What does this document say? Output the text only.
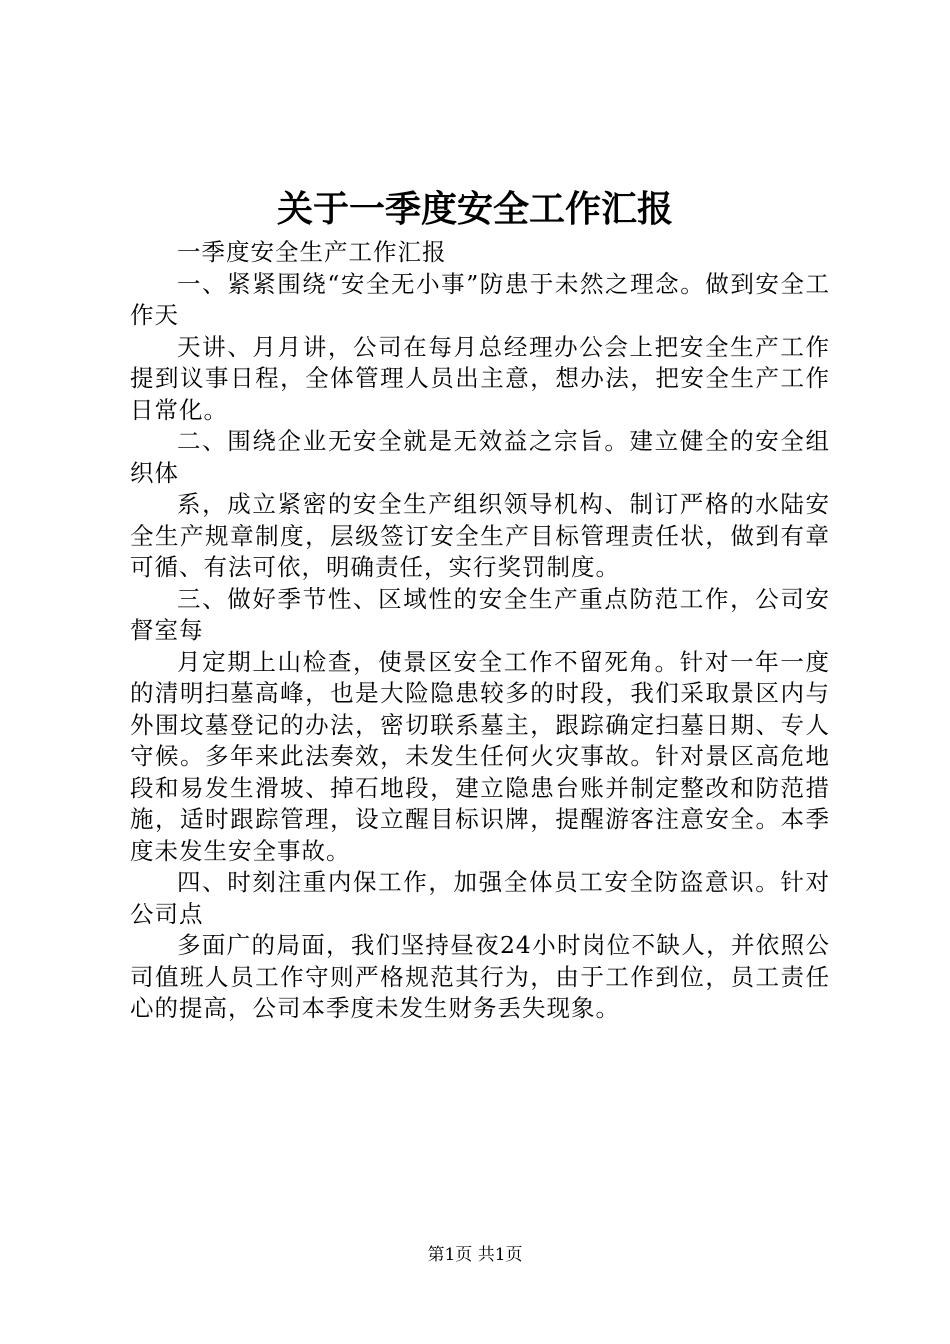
关于一季度安全工作汇报

一季度安全生产工作汇报

一、紧紧围绕“安全无小事”防患于未然之理念。做到安全工作天

天讲、月月讲，公司在每月总经理办公会上把安全生产工作提到议事日程，全体管理人员出主意，想办法，把安全生产工作日常化。

二、围绕企业无安全就是无效益之宗旨。建立健全的安全组织体

系，成立紧密的安全生产组织领导机构、制订严格的水陆安全生产规章制度，层级签订安全生产目标管理责任状，做到有章可循、有法可依，明确责任，实行奖罚制度。

三、做好季节性、区域性的安全生产重点防范工作，公司安督室每

月定期上山检查，使景区安全工作不留死角。针对一年一度的清明扫墓高峰，也是大险隐患较多的时段，我们采取景区内与外围坟墓登记的办法，密切联系墓主，跟踪确定扫墓日期、专人守候。多年来此法奏效，未发生任何火灾事故。针对景区高危地段和易发生滑坡、掉石地段，建立隐患台账并制定整改和防范措施，适时跟踪管理，设立醒目标识牌，提醒游客注意安全。本季度未发生安全事故。

四、时刻注重内保工作，加强全体员工安全防盗意识。针对公司点

多面广的局面，我们坚持昼夜24小时岗位不缺人，并依照公司值班人员工作守则严格规范其行为，由于工作到位，员工责任心的提高，公司本季度未发生财务丢失现象。

第1页 共1页
